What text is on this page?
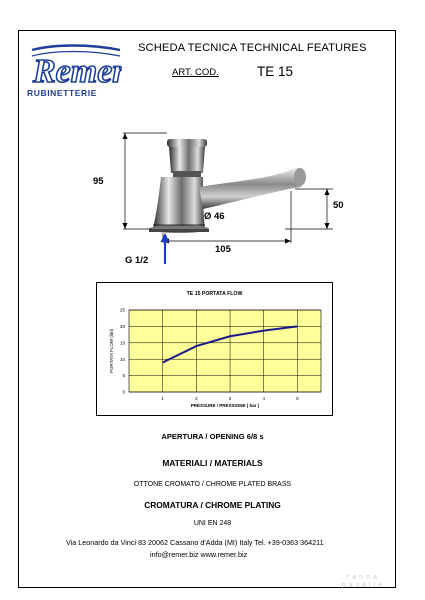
Remer
RUBINETTERIE
SCHEDA TECNICA TECHNICAL FEATURES
ART. COD.	TE 15
95
50
Ø 46
105
G 1/2
TE 15 PORTATA FLOW
1	2	3	4	5
0
5
10
15
20
25
PRESSURE / PRESSIONE ( bar )
PORTATA FLOW (litri)
APERTURA / OPENING 6/8 s
MATERIALI / MATERIALS
OTTONE CROMATO / CHROME PLATED BRASS
CROMATURA / CHROME PLATING
UNI EN 248
Via Leonardo da Vinci 83 20062 Cassano d'Adda (MI) Italy Tel. +39-0363 364211
info@remer.biz www.remer.biz
ranna
pasalle
